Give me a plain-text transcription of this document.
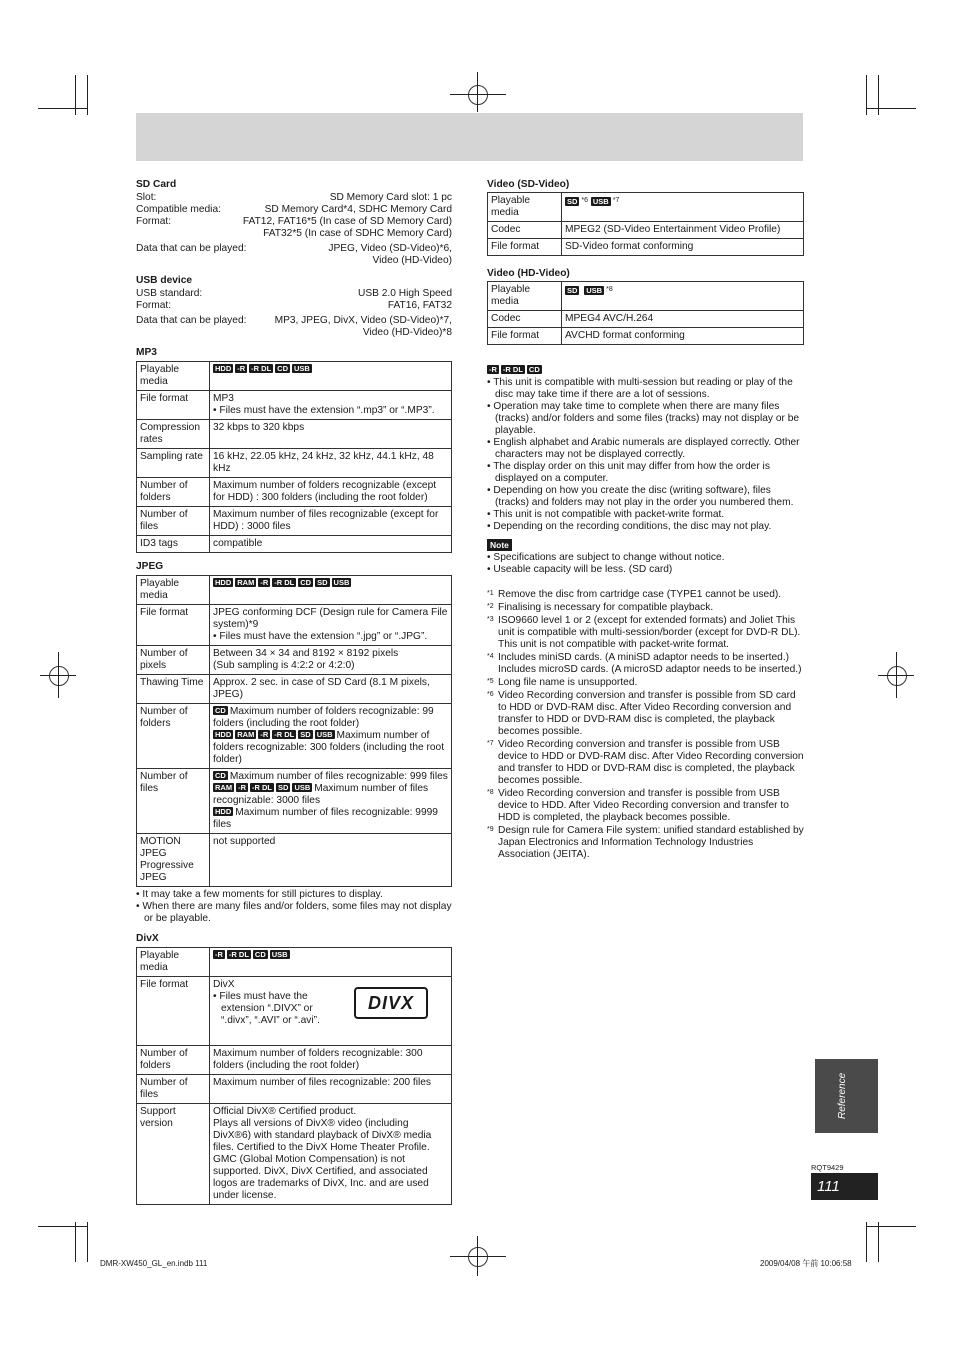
SD Card
Slot:	SD Memory Card slot: 1 pc
Compatible media:	SD Memory Card*4, SDHC Memory Card
Format:	FAT12, FAT16*5 (In case of SD Memory Card)
FAT32*5 (In case of SDHC Memory Card)
Data that can be played:	JPEG, Video (SD-Video)*6,
Video (HD-Video)
USB device
USB standard:	USB 2.0 High Speed
Format:	FAT16, FAT32
Data that can be played:	MP3, JPEG, DivX, Video (SD-Video)*7,
Video (HD-Video)*8
MP3
Playable media	HDD -R -R DL CD USB
File format	MP3
• Files must have the extension “.mp3” or “.MP3”.

Compression rates	32 kbps to 320 kbps
Sampling rate	16 kHz, 22.05 kHz, 24 kHz, 32 kHz, 44.1 kHz, 48 kHz
Number of folders	Maximum number of folders recognizable (except for HDD) : 300 folders (including the root folder)
Number of files	Maximum number of files recognizable (except for HDD) : 3000 files
ID3 tags	compatible
JPEG
Playable media	HDD RAM -R -R DL CD SD USB
File format	JPEG conforming DCF (Design rule for Camera File system)*9
• Files must have the extension “.jpg” or “.JPG”.

Number of pixels	Between 34 × 34 and 8192 × 8192 pixels
(Sub sampling is 4:2:2 or 4:2:0)

Thawing Time	Approx. 2 sec. in case of SD Card (8.1 M pixels, JPEG)
Number of folders	CD Maximum number of folders recognizable: 99 folders (including the root folder)
HDD RAM -R -R DL SD USB Maximum number of folders recognizable: 300 folders (including the root folder)

Number of files	CD Maximum number of files recognizable: 999 files
RAM -R -R DL SD USB Maximum number of files recognizable: 3000 files
HDD Maximum number of files recognizable: 9999 files

MOTION JPEG Progressive JPEG	not supported
• It may take a few moments for still pictures to display.
• When there are many files and/or folders, some files may not display or be playable.
DivX
Playable media	-R -R DL CD USB
File format	DivX
• Files must have the extension “.DIVX” or “.divx”, “.AVI” or “.avi”.
DIVX

Number of folders	Maximum number of folders recognizable: 300 folders (including the root folder)
Number of files	Maximum number of files recognizable: 200 files
Support version	Official DivX® Certified product.
Plays all versions of DivX® video (including DivX®6) with standard playback of DivX® media files. Certified to the DivX Home Theater Profile.
GMC (Global Motion Compensation) is not supported. DivX, DivX Certified, and associated logos are trademarks of DivX, Inc. and are used under license.
Video (SD-Video)
Playable media	SD $^{*6}$ USB $^{*7}$
Codec	MPEG2 (SD-Video Entertainment Video Profile)
File format	SD-Video format conforming
Video (HD-Video)
Playable media	SD USB $^{*8}$
Codec	MPEG4 AVC/H.264
File format	AVCHD format conforming
-R -R DL CD
• This unit is compatible with multi-session but reading or play of the disc may take time if there are a lot of sessions.
• Operation may take time to complete when there are many files (tracks) and/or folders and some files (tracks) may not display or be playable.
• English alphabet and Arabic numerals are displayed correctly. Other characters may not be displayed correctly.
• The display order on this unit may differ from how the order is displayed on a computer.
• Depending on how you create the disc (writing software), files (tracks) and folders may not play in the order you numbered them.
• This unit is not compatible with packet-write format.
• Depending on the recording conditions, the disc may not play.
Note
• Specifications are subject to change without notice.
• Useable capacity will be less. (SD card)
*1 Remove the disc from cartridge case (TYPE1 cannot be used).
*2 Finalising is necessary for compatible playback.
*3 ISO9660 level 1 or 2 (except for extended formats) and Joliet This unit is compatible with multi-session/border (except for DVD-R DL). This unit is not compatible with packet-write format.
*4 Includes miniSD cards. (A miniSD adaptor needs to be inserted.) Includes microSD cards. (A microSD adaptor needs to be inserted.)
*5 Long file name is unsupported.
*6 Video Recording conversion and transfer is possible from SD card to HDD or DVD-RAM disc. After Video Recording conversion and transfer to HDD or DVD-RAM disc is completed, the playback becomes possible.
*7 Video Recording conversion and transfer is possible from USB device to HDD or DVD-RAM disc. After Video Recording conversion and transfer to HDD or DVD-RAM disc is completed, the playback becomes possible.
*8 Video Recording conversion and transfer is possible from USB device to HDD. After Video Recording conversion and transfer to HDD is completed, the playback becomes possible.
*9 Design rule for Camera File system: unified standard established by Japan Electronics and Information Technology Industries Association (JEITA).
Reference
RQT9429
111
DMR-XW450_GL_en.indb 111	2009/04/08 午前 10:06:58
